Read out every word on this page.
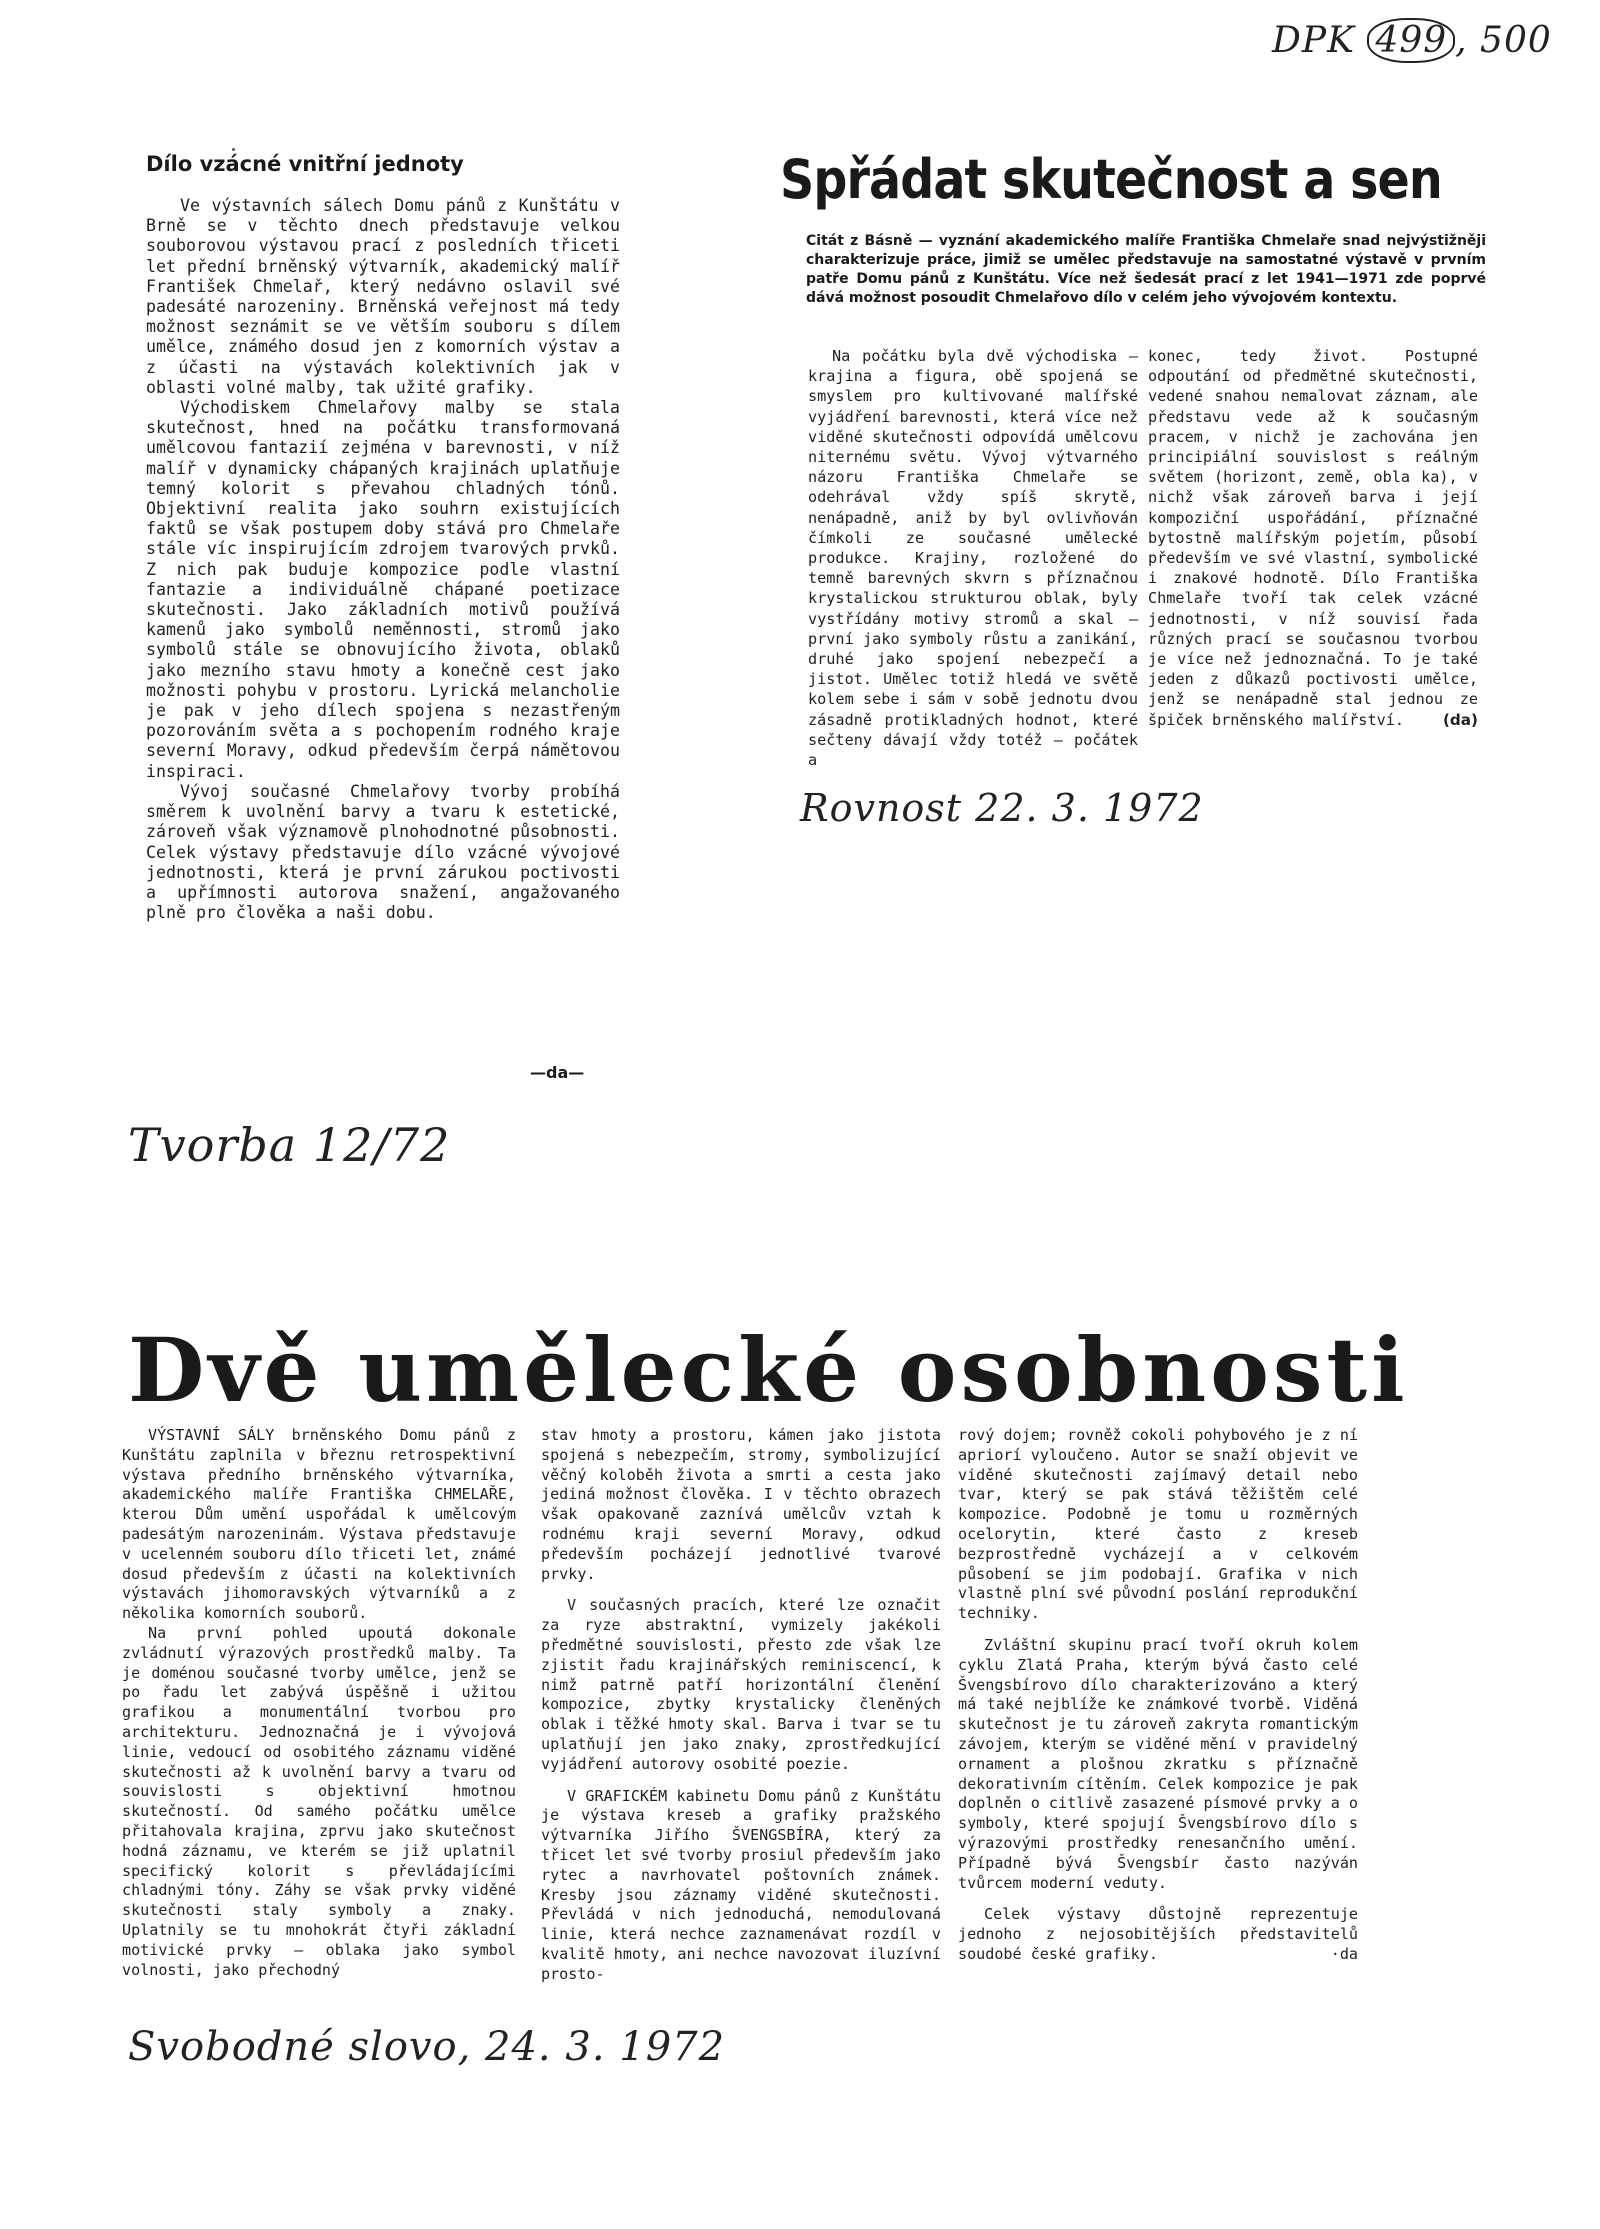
DPK 499 , 500
Dílo vzácné vnitřní jednoty

Ve výstavních sálech Domu pánů z Kunštátu v Brně se v těchto dnech představuje velkou souborovou výstavou prací z posledních třiceti let přední brněnský výtvarník, akademický malíř František Chmelař, který nedávno oslavil své padesáté narozeniny. Brněnská veřejnost má tedy možnost seznámit se ve větším souboru s dílem umělce, známého dosud jen z komorních výstav a z účasti na výstavách kolektivních jak v oblasti volné malby, tak užité grafiky.

Východiskem Chmelařovy malby se stala skutečnost, hned na počátku transformovaná umělcovou fantazií zejména v barevnosti, v níž malíř v dynamicky chápaných krajinách uplatňuje temný kolorit s převahou chladných tónů. Objektivní realita jako souhrn existujících faktů se však postupem doby stává pro Chmelaře stále víc inspirujícím zdrojem tvarových prvků. Z nich pak buduje kompozice podle vlastní fantazie a individuálně chápané poetizace skutečnosti. Jako základních motivů používá kamenů jako symbolů neměnnosti, stromů jako symbolů stále se obnovujícího života, oblaků jako mezního stavu hmoty a konečně cest jako možnosti pohybu v prostoru. Lyrická melancholie je pak v jeho dílech spojena s nezastřeným pozorováním světa a s pochopením rodného kraje severní Moravy, odkud především čerpá námětovou inspiraci.

Vývoj současné Chmelařovy tvorby probíhá směrem k uvolnění barvy a tvaru k estetické, zároveň však významově plnohodnotné působnosti. Celek výstavy představuje dílo vzácné vývojové jednotnosti, která je první zárukou poctivosti a upřímnosti autorova snažení, angažovaného plně pro člověka a naši dobu.

—da—
Tvorba 12/72
Spřádat skutečnost a sen
Citát z Básně — vyznání akademického malíře Františka Chmelaře snad nejvýstižněji charakterizuje práce, jimiž se umělec představuje na samostatné výstavě v prvním patře Domu pánů z Kunštátu. Více než šedesát prací z let 1941—1971 zde poprvé dává možnost posoudit Chmelařovo dílo v celém jeho vývojovém kontextu.

Na počátku byla dvě východiska — krajina a figura, obě spojená se smyslem pro kultivované malířské vyjádření barevnosti, která více než viděné skutečnosti odpovídá umělcovu niternému světu. Vývoj výtvarného názoru Františka Chmelaře se odehrával vždy spíš skrytě, nenápadně, aniž by byl ovlivňován čímkoli ze současné umělecké produkce. Krajiny, rozložené do temně barevných skvrn s příznačnou krystalickou strukturou oblak, byly vystřídány motivy stromů a skal — první jako symboly růstu a zanikání, druhé jako spojení nebezpečí a jistot. Umělec totiž hledá ve světě kolem sebe i sám v sobě jednotu dvou zásadně protikladných hodnot, které sečteny dávají vždy totéž — počátek a

konec, tedy život. Postupné odpoutání od předmětné skutečnosti, vedené snahou nemalovat záznam, ale představu vede až k současným pracem, v nichž je zachována jen principiální souvislost s reálným světem (horizont, země, obla ka), v nichž však zároveň barva i její kompoziční uspořádání, příznačné bytostně malířským pojetím, působí především ve své vlastní, symbolické i znakové hodnotě. Dílo Františka Chmelaře tvoří tak celek vzácné jednotnosti, v níž souvisí řada různých prací se současnou tvorbou je více než jednoznačná. To je také jeden z důkazů poctivosti umělce, jenž se nenápadně stal jednou ze špiček brněnského malířství.	(da)

Rovnost 22. 3. 1972
Dvě umělecké osobnosti

VÝSTAVNÍ SÁLY brněnského Domu pánů z Kunštátu zaplnila v březnu retrospektivní výstava předního brněnského výtvarníka, akademického malíře Františka CHMELAŘE, kterou Dům umění uspořádal k umělcovým padesátým narozeninám. Výstava představuje v ucelenném souboru dílo třiceti let, známé dosud především z účasti na kolektivních výstavách jihomoravských výtvarníků a z několika komorních souborů.

Na první pohled upoutá dokonale zvládnutí výrazových prostředků malby. Ta je doménou současné tvorby umělce, jenž se po řadu let zabývá úspěšně i užitou grafikou a monumentální tvorbou pro architekturu. Jednoznačná je i vývojová linie, vedoucí od osobitého záznamu viděné skutečnosti až k uvolnění barvy a tvaru od souvislosti s objektivní hmotnou skutečností. Od samého počátku umělce přitahovala krajina, zprvu jako skutečnost hodná záznamu, ve kterém se již uplatnil specifický kolorit s převládajícími chladnými tóny. Záhy se však prvky viděné skutečnosti staly symboly a znaky. Uplatnily se tu mnohokrát čtyři základní motivické prvky — oblaka jako symbol volnosti, jako přechodný

stav hmoty a prostoru, kámen jako jistota spojená s nebezpečím, stromy, symbolizující věčný koloběh života a smrti a cesta jako jediná možnost člověka. I v těchto obrazech však opakovaně zaznívá umělcův vztah k rodnému kraji severní Moravy, odkud především pocházejí jednotlivé tvarové prvky.

V současných pracích, které lze označit za ryze abstraktní, vymizely jakékoli předmětné souvislosti, přesto zde však lze zjistit řadu krajinářských reminiscencí, k nimž patrně patří horizontální členění kompozice, zbytky krystalicky členěných oblak i těžké hmoty skal. Barva i tvar se tu uplatňují jen jako znaky, zprostředkující vyjádření autorovy osobité poezie.

V GRAFICKÉM kabinetu Domu pánů z Kunštátu je výstava kreseb a grafiky pražského výtvarníka Jiřího ŠVENGSBÍRA, který za třicet let své tvorby prosiul především jako rytec a navrhovatel poštovních známek. Kresby jsou záznamy viděné skutečnosti. Převládá v nich jednoduchá, nemodulovaná linie, která nechce zaznamenávat rozdíl v kvalitě hmoty, ani nechce navozovat iluzívní prosto-

rový dojem; rovněž cokoli pohybového je z ní apriorí vyloučeno. Autor se snaží objevit ve viděné skutečnosti zajímavý detail nebo tvar, který se pak stává těžištěm celé kompozice. Podobně je tomu u rozměrných ocelorytin, které často z kreseb bezprostředně vycházejí a v celkovém působení se jim podobají. Grafika v nich vlastně plní své původní poslání reprodukční techniky.

Zvláštní skupinu prací tvoří okruh kolem cyklu Zlatá Praha, kterým bývá často celé Švengsbírovo dílo charakterizováno a který má také nejblíže ke známkové tvorbě. Viděná skutečnost je tu zároveň zakryta romantickým závojem, kterým se viděné mění v pravidelný ornament a plošnou zkratku s příznačně dekorativním cítěním. Celek kompozice je pak doplněn o citlivě zasazené písmové prvky a o symboly, které spojují Švengsbírovo dílo s výrazovými prostředky renesančního umění. Případně bývá Švengsbír často nazýván tvůrcem moderní veduty.

Celek výstavy důstojně reprezentuje jednoho z nejosobitějších představitelů soudobé české grafiky.	·da

Svobodné slovo, 24. 3. 1972
